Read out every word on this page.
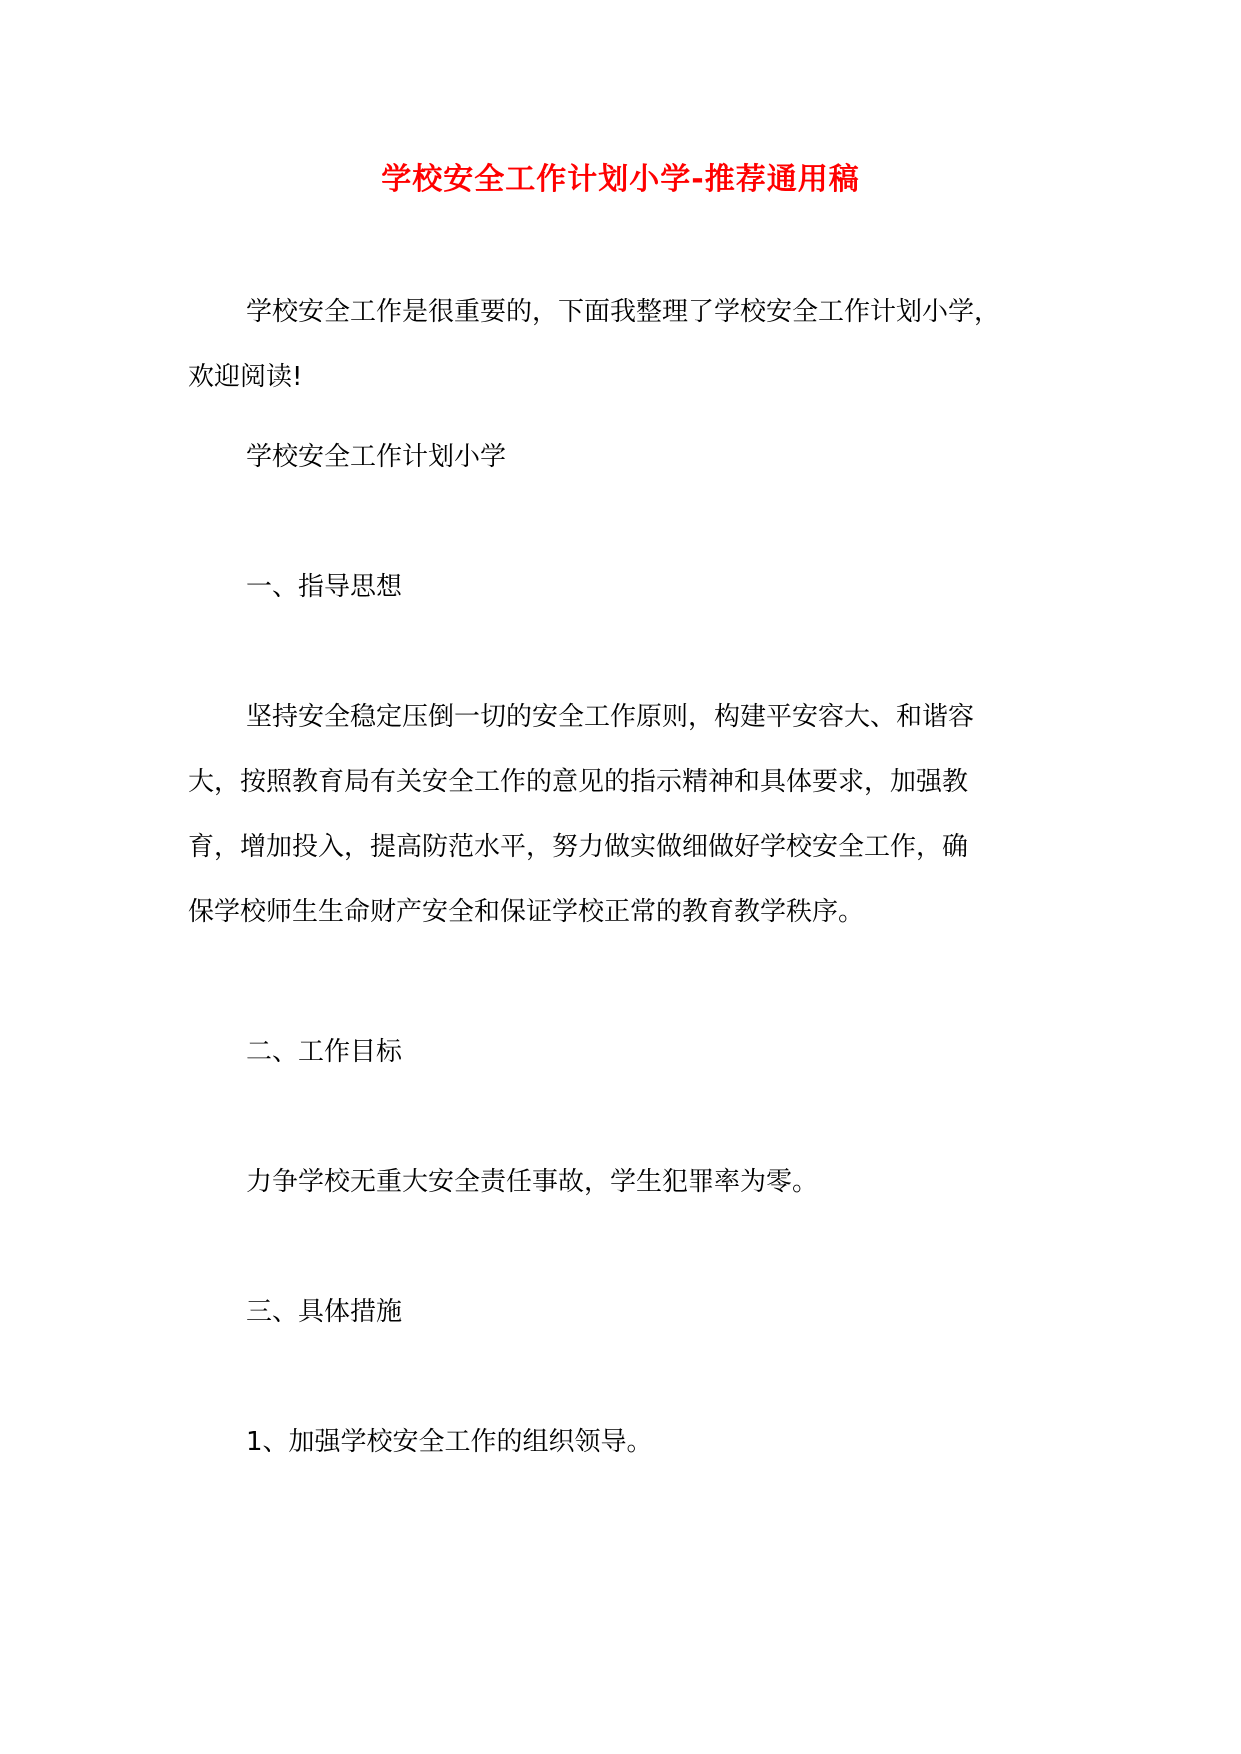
学校安全工作计划小学-推荐通用稿
学校安全工作是很重要的，下面我整理了学校安全工作计划小学，
欢迎阅读!
学校安全工作计划小学
一、指导思想
坚持安全稳定压倒一切的安全工作原则，构建平安容大、和谐容
大，按照教育局有关安全工作的意见的指示精神和具体要求，加强教
育，增加投入，提高防范水平，努力做实做细做好学校安全工作，确
保学校师生生命财产安全和保证学校正常的教育教学秩序。
二、工作目标
力争学校无重大安全责任事故，学生犯罪率为零。
三、具体措施
1、加强学校安全工作的组织领导。
